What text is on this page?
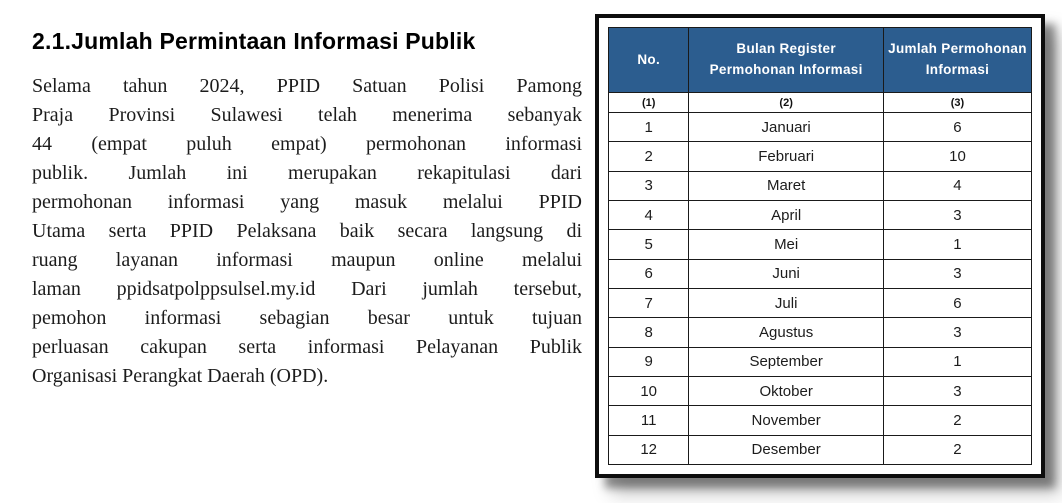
2.1.Jumlah Permintaan Informasi Publik
Selama tahun 2024, PPID Satuan Polisi Pamong
Praja Provinsi Sulawesi telah menerima sebanyak
44 (empat puluh empat) permohonan informasi
publik. Jumlah ini merupakan rekapitulasi dari
permohonan informasi yang masuk melalui PPID
Utama serta PPID Pelaksana baik secara langsung di
ruang layanan informasi maupun online melalui
laman ppidsatpolppsulsel.my.id Dari jumlah tersebut,
pemohon informasi sebagian besar untuk tujuan
perluasan cakupan serta informasi Pelayanan Publik
Organisasi Perangkat Daerah (OPD).
No.	Bulan Register Permohonan Informasi	Jumlah Permohonan Informasi
(1)	(2)	(3)
1	Januari	6
2	Februari	10
3	Maret	4
4	April	3
5	Mei	1
6	Juni	3
7	Juli	6
8	Agustus	3
9	September	1
10	Oktober	3
11	November	2
12	Desember	2
